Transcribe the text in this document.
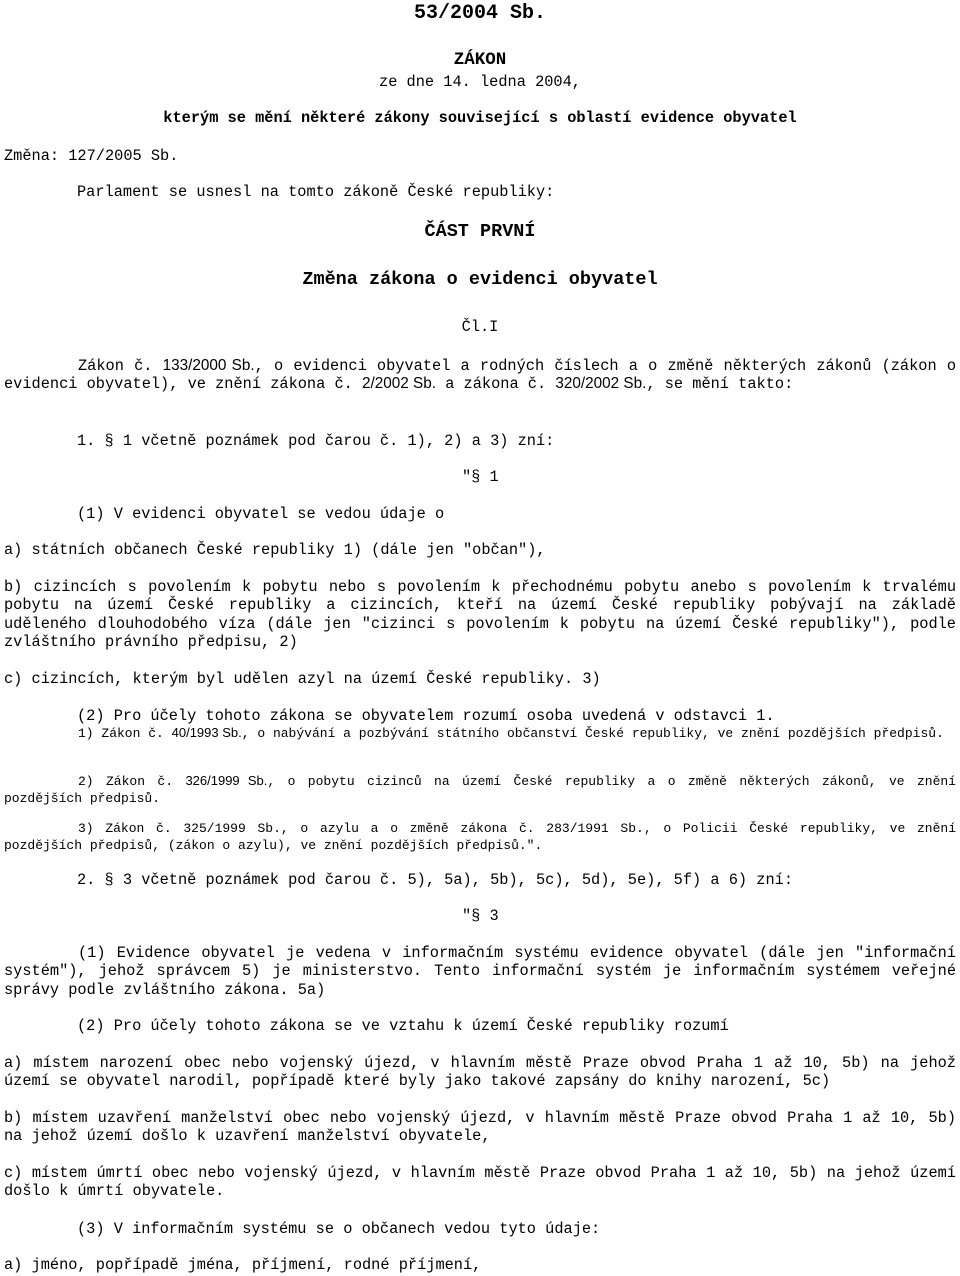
53/2004 Sb.
ZÁKON
ze dne 14. ledna 2004,
kterým se mění některé zákony související s oblastí evidence obyvatel
Změna: 127/2005 Sb.
Parlament se usnesl na tomto zákoně České republiky:
ČÁST PRVNÍ
Změna zákona o evidenci obyvatel
Čl.I
Zákon č. 133/2000 Sb., o evidenci obyvatel a rodných číslech a o změně některých zákonů (zákon o evidenci obyvatel), ve znění zákona č. 2/2002 Sb. a zákona č. 320/2002 Sb., se mění takto:
1. § 1 včetně poznámek pod čarou č. 1), 2) a 3) zní:
"§ 1
(1) V evidenci obyvatel se vedou údaje o
a) státních občanech České republiky 1) (dále jen "občan"),
b) cizincích s povolením k pobytu nebo s povolením k přechodnému pobytu anebo s povolením k trvalému pobytu na území České republiky a cizincích, kteří na území České republiky pobývají na základě uděleného dlouhodobého víza (dále jen "cizinci s povolením k pobytu na území České republiky"), podle zvláštního právního předpisu, 2)
c) cizincích, kterým byl udělen azyl na území České republiky. 3)
(2) Pro účely tohoto zákona se obyvatelem rozumí osoba uvedená v odstavci 1.
1) Zákon č. 40/1993 Sb., o nabývání a pozbývání státního občanství České republiky, ve znění pozdějších předpisů.
2) Zákon č. 326/1999 Sb., o pobytu cizinců na území České republiky a o změně některých zákonů, ve znění pozdějších předpisů.
3) Zákon č. 325/1999 Sb., o azylu a o změně zákona č. 283/1991 Sb., o Policii České republiky, ve znění pozdějších předpisů, (zákon o azylu), ve znění pozdějších předpisů.".
2. § 3 včetně poznámek pod čarou č. 5), 5a), 5b), 5c), 5d), 5e), 5f) a 6) zní:
"§ 3
(1) Evidence obyvatel je vedena v informačním systému evidence obyvatel (dále jen "informační systém"), jehož správcem 5) je ministerstvo. Tento informační systém je informačním systémem veřejné správy podle zvláštního zákona. 5a)
(2) Pro účely tohoto zákona se ve vztahu k území České republiky rozumí
a) místem narození obec nebo vojenský újezd, v hlavním městě Praze obvod Praha 1 až 10, 5b) na jehož území se obyvatel narodil, popřípadě které byly jako takové zapsány do knihy narození, 5c)
b) místem uzavření manželství obec nebo vojenský újezd, v hlavním městě Praze obvod Praha 1 až 10, 5b) na jehož území došlo k uzavření manželství obyvatele,
c) místem úmrtí obec nebo vojenský újezd, v hlavním městě Praze obvod Praha 1 až 10, 5b) na jehož území došlo k úmrtí obyvatele.
(3) V informačním systému se o občanech vedou tyto údaje:
a) jméno, popřípadě jména, příjmení, rodné příjmení,
